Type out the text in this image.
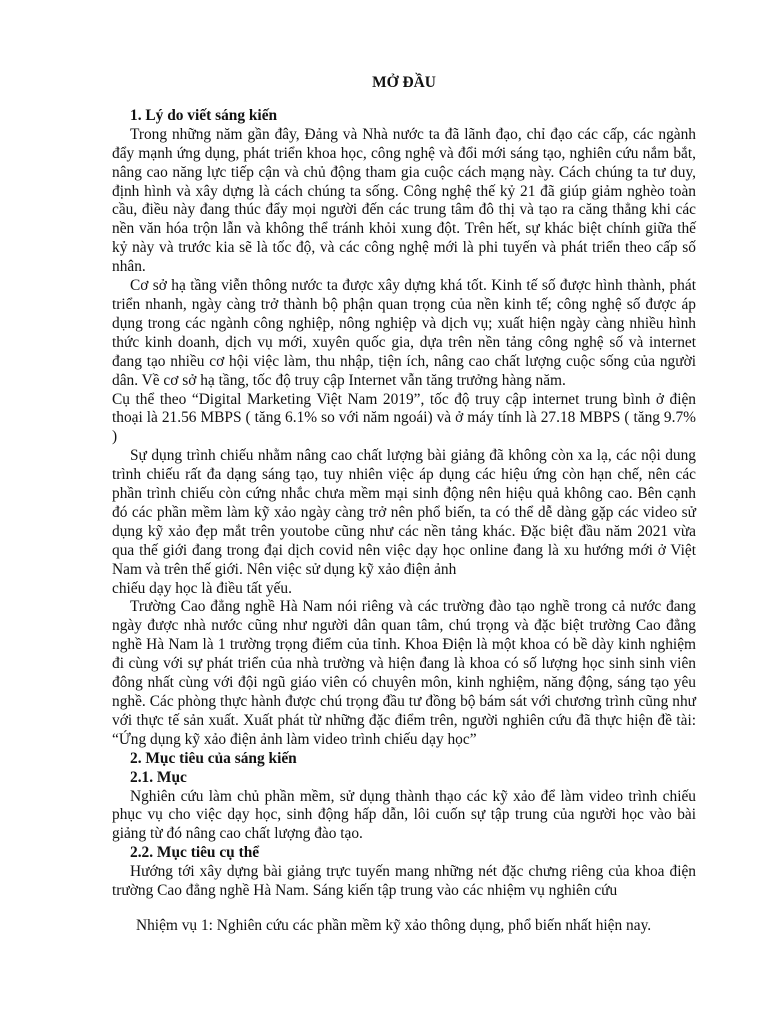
MỞ ĐẦU
1. Lý do viết sáng kiến

Trong những năm gần đây, Đảng và Nhà nước ta đã lãnh đạo, chỉ đạo các cấp, các ngành đẩy mạnh ứng dụng, phát triển khoa học, công nghệ và đổi mới sáng tạo, nghiên cứu nắm bắt, nâng cao năng lực tiếp cận và chủ động tham gia cuộc cách mạng này. Cách chúng ta tư duy, định hình và xây dựng là cách chúng ta sống. Công nghệ thế kỷ 21 đã giúp giảm nghèo toàn cầu, điều này đang thúc đẩy mọi người đến các trung tâm đô thị và tạo ra căng thẳng khi các nền văn hóa trộn lẫn và không thể tránh khỏi xung đột. Trên hết, sự khác biệt chính giữa thế kỷ này và trước kia sẽ là tốc độ, và các công nghệ mới là phi tuyến và phát triển theo cấp số nhân.

Cơ sở hạ tầng viễn thông nước ta được xây dựng khá tốt. Kinh tế số được hình thành, phát triển nhanh, ngày càng trở thành bộ phận quan trọng của nền kinh tế; công nghệ số được áp dụng trong các ngành công nghiệp, nông nghiệp và dịch vụ; xuất hiện ngày càng nhiều hình thức kinh doanh, dịch vụ mới, xuyên quốc gia, dựa trên nền tảng công nghệ số và internet đang tạo nhiều cơ hội việc làm, thu nhập, tiện ích, nâng cao chất lượng cuộc sống của người dân. Về cơ sở hạ tầng, tốc độ truy cập Internet vẫn tăng trưởng hàng năm.

Cụ thể theo “Digital Marketing Việt Nam 2019”, tốc độ truy cập internet trung bình ở điện thoại là 21.56 MBPS ( tăng 6.1% so với năm ngoái) và ở máy tính là 27.18 MBPS ( tăng 9.7% )

Sự dụng trình chiếu nhằm nâng cao chất lượng bài giảng đã không còn xa lạ, các nội dung trình chiếu rất đa dạng sáng tạo, tuy nhiên việc áp dụng các hiệu ứng còn hạn chế, nên các phần trình chiếu còn cứng nhắc chưa mềm mại sinh động nên hiệu quả không cao. Bên cạnh đó các phần mềm làm kỹ xảo ngày càng trở nên phổ biến, ta có thể dễ dàng gặp các video sử dụng kỹ xảo đẹp mắt trên youtobe cũng như các nền tảng khác. Đặc biệt đầu năm 2021 vừa qua thế giới đang trong đại dịch covid nên việc dạy học online đang là xu hướng mới ở Việt Nam và trên thế giới. Nên việc sử dụng kỹ xảo điện ảnh

chiếu dạy học là điều tất yếu.

Trường Cao đẳng nghề Hà Nam nói riêng và các trường đào tạo nghề trong cả nước đang ngày được nhà nước cũng như người dân quan tâm, chú trọng và đặc biệt trường Cao đẳng nghề Hà Nam là 1 trường trọng điểm của tỉnh. Khoa Điện là một khoa có bề dày kinh nghiệm đi cùng với sự phát triển của nhà trường và hiện đang là khoa có số lượng học sinh sinh viên đông nhất cùng với đội ngũ giáo viên có chuyên môn, kinh nghiệm, năng động, sáng tạo yêu nghề. Các phòng thực hành được chú trọng đầu tư đồng bộ bám sát với chương trình cũng như với thực tế sản xuất. Xuất phát từ những đặc điểm trên, người nghiên cứu đã thực hiện đề tài: “Ứng dụng kỹ xảo điện ảnh làm video trình chiếu dạy học”

2. Mục tiêu của sáng kiến
2.1. Mục

Nghiên cứu làm chủ phần mềm, sử dụng thành thạo các kỹ xảo để làm video trình chiếu phục vụ cho việc dạy học, sinh động hấp dẫn, lôi cuốn sự tập trung của người học vào bài giảng từ đó nâng cao chất lượng đào tạo.

2.2. Mục tiêu cụ thể

Hướng tới xây dựng bài giảng trực tuyến mang những nét đặc chưng riêng của khoa điện trường Cao đẳng nghề Hà Nam. Sáng kiến tập trung vào các nhiệm vụ nghiên cứu

Nhiệm vụ 1: Nghiên cứu các phần mềm kỹ xảo thông dụng, phổ biến nhất hiện nay.
